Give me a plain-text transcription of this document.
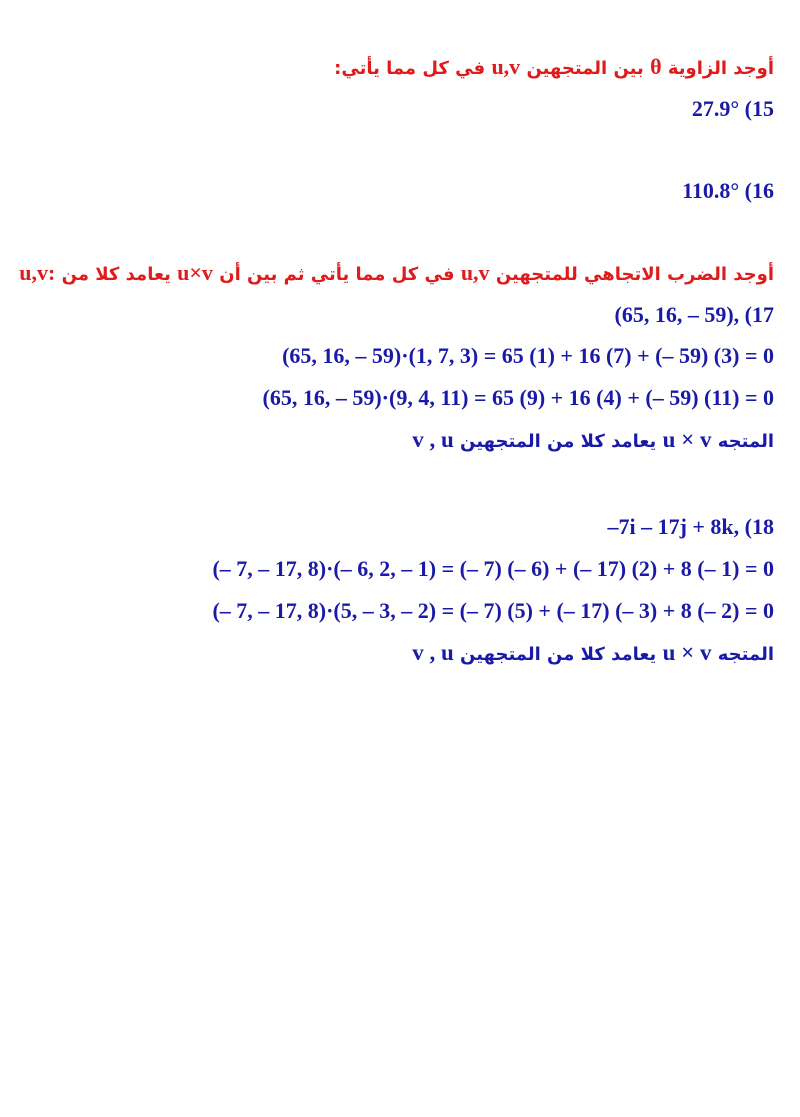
أوجد الزاوية θ بين المتجهين u,v في كل مما يأتي:
27.9° (15
110.8° (16
أوجد الضرب الاتجاهي للمتجهين u,v في كل مما يأتي ثم بين أن u×v يعامد كلا من u,v:
(65, 16, – 59), (17
(65, 16, – 59)·(1, 7, 3) = 65 (1) + 16 (7) + (– 59) (3) = 0
(65, 16, – 59)·(9, 4, 11) = 65 (9) + 16 (4) + (– 59) (11) = 0
المتجه u × v يعامد كلا من المتجهين v , u
–7i – 17j + 8k, (18
(– 7, – 17, 8)·(– 6, 2, – 1) = (– 7) (– 6) + (– 17) (2) + 8 (– 1) = 0
(– 7, – 17, 8)·(5, – 3, – 2) = (– 7) (5) + (– 17) (– 3) + 8 (– 2) = 0
المتجه u × v يعامد كلا من المتجهين v , u
